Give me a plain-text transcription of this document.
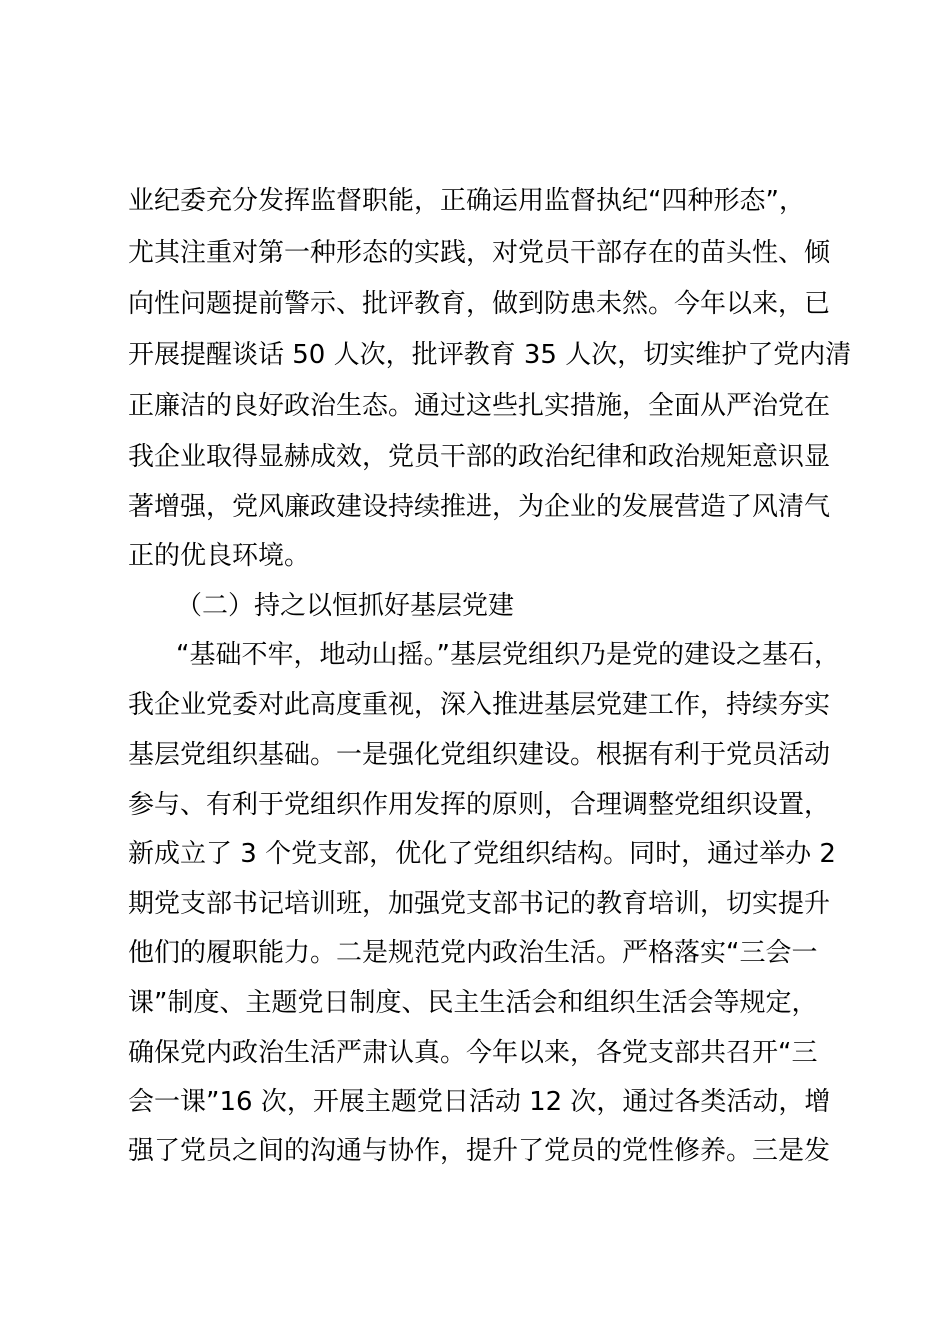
业纪委充分发挥监督职能，正确运用监督执纪“四种形态”，
尤其注重对第一种形态的实践，对党员干部存在的苗头性、倾
向性问题提前警示、批评教育，做到防患未然。今年以来，已
开展提醒谈话 50 人次，批评教育 35 人次，切实维护了党内清
正廉洁的良好政治生态。通过这些扎实措施，全面从严治党在
我企业取得显赫成效，党员干部的政治纪律和政治规矩意识显
著增强，党风廉政建设持续推进，为企业的发展营造了风清气
正的优良环境。
（二）持之以恒抓好基层党建
“基础不牢，地动山摇。”基层党组织乃是党的建设之基石，
我企业党委对此高度重视，深入推进基层党建工作，持续夯实
基层党组织基础。一是强化党组织建设。根据有利于党员活动
参与、有利于党组织作用发挥的原则，合理调整党组织设置，
新成立了 3 个党支部，优化了党组织结构。同时，通过举办 2
期党支部书记培训班，加强党支部书记的教育培训，切实提升
他们的履职能力。二是规范党内政治生活。严格落实“三会一
课”制度、主题党日制度、民主生活会和组织生活会等规定，
确保党内政治生活严肃认真。今年以来，各党支部共召开“三
会一课”16 次，开展主题党日活动 12 次，通过各类活动，增
强了党员之间的沟通与协作，提升了党员的党性修养。三是发
